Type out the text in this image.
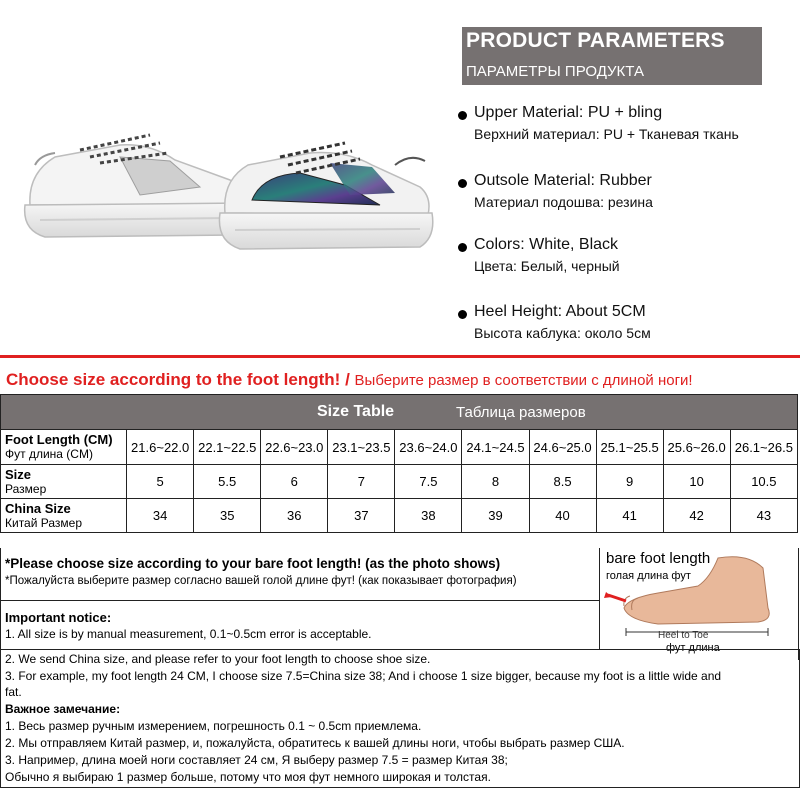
PRODUCT PARAMETERS
ПАРАМЕТРЫ ПРОДУКТА
Upper Material: PU + bling
Верхний материал: PU + Тканевая ткань
Outsole Material: Rubber
Материал подошва: резина
Colors: White, Black
Цвета: Белый, черный
Heel Height: About 5CM
Высота каблука: около 5см
Choose size according to the foot length! / Выберите размер в соответствии с длиной ноги!
Size Table Таблица размеров										

Foot Length (CM)
Фут длина (CM)	21.6~22.0	22.1~22.5	22.6~23.0	23.1~23.5	23.6~24.0	24.1~24.5	24.6~25.0	25.1~25.5	25.6~26.0	26.1~26.5
Size
Размер	5	5.5	6	7	7.5	8	8.5	9	10	10.5
China Size
Китай Размер	34	35	36	37	38	39	40	41	42	43
*Please choose size according to your bare foot length! (as the photo shows)
*Пожалуйста выберите размер согласно вашей голой длине фут! (как показывает фотография)
Important notice:
1. All size is by manual measurement, 0.1~0.5cm error is acceptable.
bare foot length
голая длина фут
Heel to Toe
фут длина
2. We send China size, and please refer to your foot length to choose shoe size.
3. For example, my foot length 24 CM, I choose size 7.5=China size 38; And i choose 1 size bigger, because my foot is a little wide and
fat.
Важное замечание:
1. Весь размер ручным измерением, погрешность 0.1 ~ 0.5cm приемлема.
2. Мы отправляем Китай размер, и, пожалуйста, обратитесь к вашей длины ноги, чтобы выбрать размер США.
3. Например, длина моей ноги составляет 24 см, Я выберу размер 7.5 = размер Китая 38;
Обычно я выбираю 1 размер больше, потому что моя фут немного широкая и толстая.
